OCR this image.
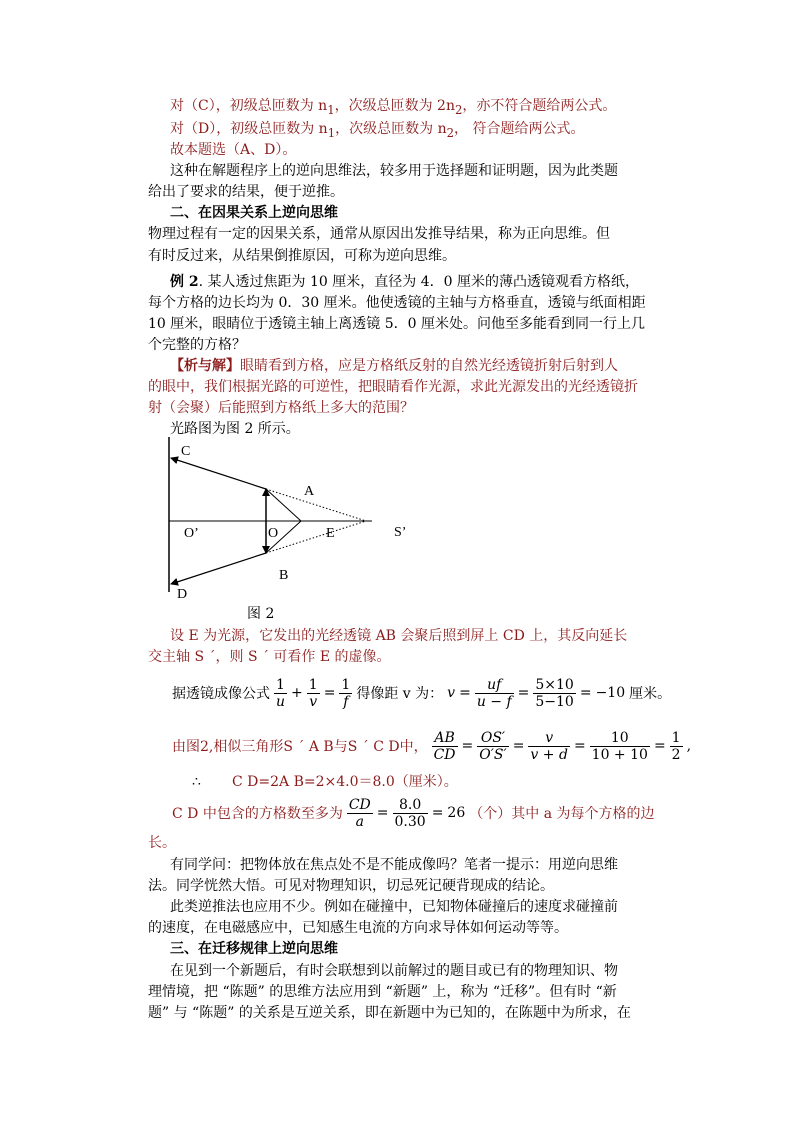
对（C），初级总匝数为 $n_1$，次级总匝数为 $2n_2$，亦不符合题给两公式。
对（D），初级总匝数为 $n_1$，次级总匝数为 $n_2$， 符合题给两公式。
故本题选（A、D）。
这种在解题程序上的逆向思维法，较多用于选择题和证明题，因为此类题
给出了要求的结果，便于逆推。
二、在因果关系上逆向思维
物理过程有一定的因果关系，通常从原因出发推导结果，称为正向思维。但
有时反过来，从结果倒推原因，可称为逆向思维。
例 2. 某人透过焦距为 10 厘米，直径为 4．0 厘米的薄凸透镜观看方格纸，
每个方格的边长均为 0．30 厘米。他使透镜的主轴与方格垂直，透镜与纸面相距
10 厘米，眼睛位于透镜主轴上离透镜 5．0 厘米处。问他至多能看到同一行上几
个完整的方格？
【析与解】眼睛看到方格，应是方格纸反射的自然光经透镜折射后射到人
的眼中，我们根据光路的可逆性，把眼睛看作光源，求此光源发出的光经透镜折
射（会聚）后能照到方格纸上多大的范围？
光路图为图 2 所示。
C
A
O’	O	E	S’
B
D
图 2
设 E 为光源，它发出的光经透镜 AB 会聚后照到屏上 CD 上，其反向延长
交主轴 S ´，则 S ´ 可看作 E 的虚像。
据透镜成像公式 $\frac{1}{u} + \frac{1}{v} = \frac{1}{f}$ 得像距 v 为： $v = \frac{uf}{u - f} = \frac{5\times 10}{5-10} = -10$ 厘米。
由图2,相似三角形S ´ A B与S ´ C D中， $\frac{AB}{CD} = \frac{OS'}{O'S'} = \frac{v}{v + d} = \frac{10}{10 + 10} = \frac{1}{2}$ ,
∴ C D=2A B=2×4.0＝8.0（厘米）。
C D 中包含的方格数至多为 $\frac{CD}{a} = \frac{8.0}{0.30} = 26$ （个）其中 a 为每个方格的边
长。
有同学问：把物体放在焦点处不是不能成像吗？笔者一提示：用逆向思维
法。同学恍然大悟。可见对物理知识，切忌死记硬背现成的结论。
此类逆推法也应用不少。例如在碰撞中，已知物体碰撞后的速度求碰撞前
的速度，在电磁感应中，已知感生电流的方向求导体如何运动等等。
三、在迁移规律上逆向思维
在见到一个新题后，有时会联想到以前解过的题目或已有的物理知识、物
理情境，把 “陈题” 的思维方法应用到 “新题” 上，称为 “迁移”。但有时 “新
题” 与 “陈题” 的关系是互逆关系，即在新题中为已知的，在陈题中为所求，在
